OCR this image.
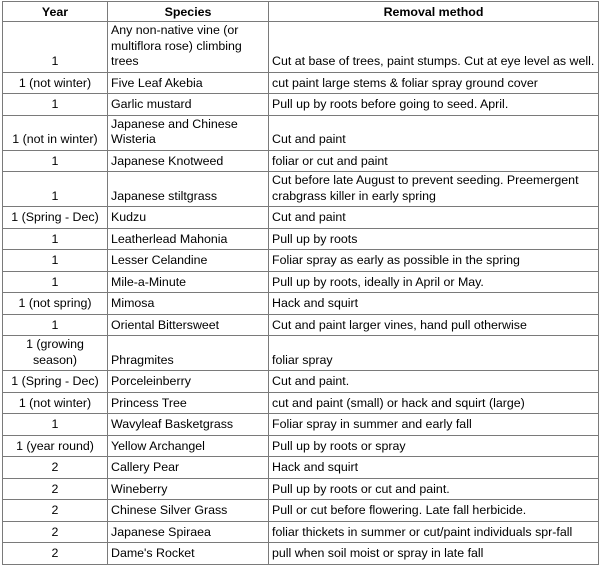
Year	Species	Removal method
1	Any non-native vine (or multiflora rose) climbing trees	Cut at base of trees, paint stumps. Cut at eye level as well.
1 (not winter)	Five Leaf Akebia	cut paint large stems & foliar spray ground cover
1	Garlic mustard	Pull up by roots before going to seed. April.
1 (not in winter)	Japanese and Chinese Wisteria	Cut and paint
1	Japanese Knotweed	foliar or cut and paint
1	Japanese stiltgrass	Cut before late August to prevent seeding. Preemergent crabgrass killer in early spring
1 (Spring - Dec)	Kudzu	Cut and paint
1	Leatherlead Mahonia	Pull up by roots
1	Lesser Celandine	Foliar spray as early as possible in the spring
1	Mile-a-Minute	Pull up by roots, ideally in April or May.
1 (not spring)	Mimosa	Hack and squirt
1	Oriental Bittersweet	Cut and paint larger vines, hand pull otherwise
1 (growing season)	Phragmites	foliar spray
1 (Spring - Dec)	Porceleinberry	Cut and paint.
1 (not winter)	Princess Tree	cut and paint (small) or hack and squirt (large)
1	Wavyleaf Basketgrass	Foliar spray in summer and early fall
1 (year round)	Yellow Archangel	Pull up by roots or spray
2	Callery Pear	Hack and squirt
2	Wineberry	Pull up by roots or cut and paint.
2	Chinese Silver Grass	Pull or cut before flowering. Late fall herbicide.
2	Japanese Spiraea	foliar thickets in summer or cut/paint individuals spr-fall
2	Dame's Rocket	pull when soil moist or spray in late fall
